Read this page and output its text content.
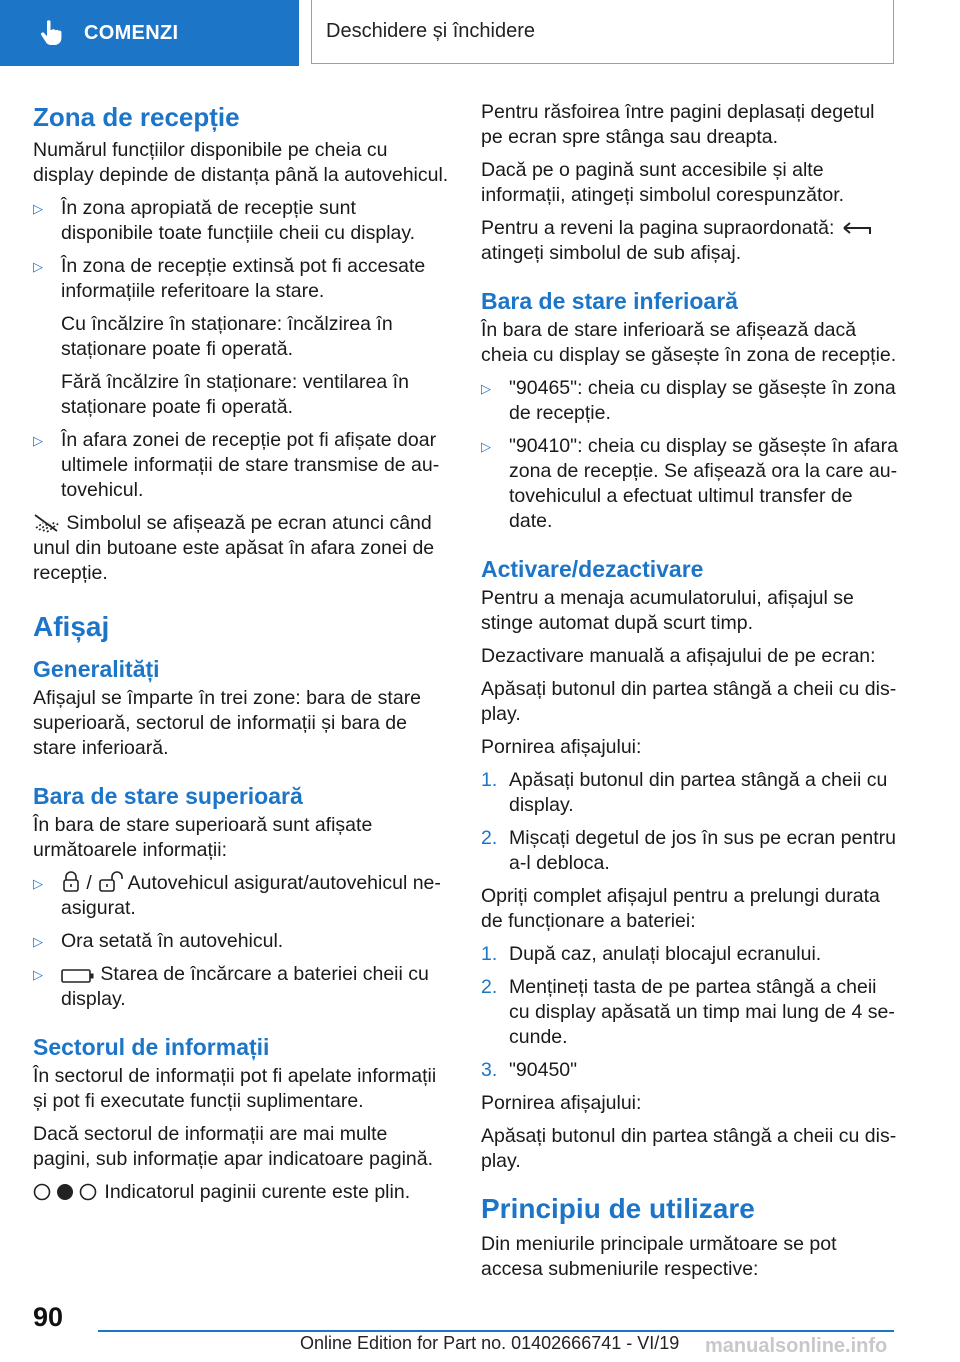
COMENZI	Deschidere și închidere
Zona de recepție

Numărul funcțiilor disponibile pe cheia cu display depinde de distanța până la autovehicul.

▷ În zona apropiată de recepție sunt disponibile toate funcțiile cheii cu display.
▷ În zona de recepție extinsă pot fi accesate informațiile referitoare la stare.
Cu încălzire în staționare: încălzirea în staționare poate fi operată.
Fără încălzire în staționare: ventilarea în staționare poate fi operată.
▷ În afara zonei de recepție pot fi afișate doar ultimele informații de stare transmise de autovehicul.

Simbolul se afișează pe ecran atunci când unul din butoane este apăsat în afara zonei de recepție.

Afișaj
Generalități

Afișajul se împarte în trei zone: bara de stare superioară, sectorul de informații și bara de stare inferioară.

Bara de stare superioară

În bara de stare superioară sunt afișate următoarele informații:

▷ / Autovehicul asigurat/autovehicul neasigurat.
▷ Ora setată în autovehicul.
▷	Starea de încărcare a bateriei cheii cu display.
Sectorul de informații

În sectorul de informații pot fi apelate informații și pot fi executate funcții suplimentare.

Dacă sectorul de informații are mai multe pagini, sub informație apar indicatoare pagină.

Indicatorul paginii curente este plin.

Pentru răsfoirea între pagini deplasați degetul pe ecran spre stânga sau dreapta.

Dacă pe o pagină sunt accesibile și alte informații, atingeți simbolul corespunzător.

Pentru a reveni la pagina supraordonată:
atingeți simbolul de sub afișaj.

Bara de stare inferioară

În bara de stare inferioară se afișează dacă cheia cu display se găsește în zona de recepție.

▷ "90465": cheia cu display se găsește în zona de recepție.
▷ "90410": cheia cu display se găsește în afara zona de recepție. Se afișează ora la care autovehiculul a efectuat ultimul transfer de date.
Activare/dezactivare

Pentru a menaja acumulatorului, afișajul se stinge automat după scurt timp.

Dezactivare manuală a afișajului de pe ecran:

Apăsați butonul din partea stângă a cheii cu display.

Pornirea afișajului:

1. Apăsați butonul din partea stângă a cheii cu display.
2. Mișcați degetul de jos în sus pe ecran pentru a-l debloca.

Opriți complet afișajul pentru a prelungi durata de funcționare a bateriei:

1. După caz, anulați blocajul ecranului.
2. Mențineți tasta de pe partea stângă a cheii cu display apăsată un timp mai lung de 4 secunde.
3. "90450"

Pornirea afișajului:

Apăsați butonul din partea stângă a cheii cu display.

Principiu de utilizare

Din meniurile principale următoare se pot accesa submeniurile respective:

90
Online Edition for Part no. 01402666741 - VI/19 manualsonline.info
